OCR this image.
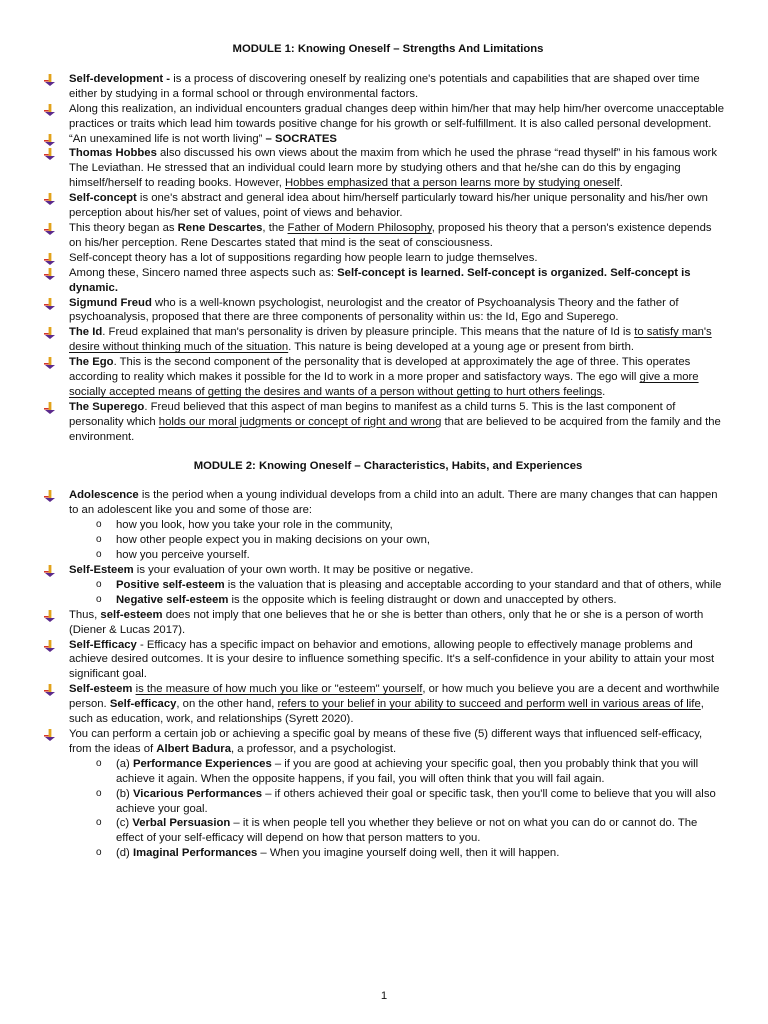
MODULE 1: Knowing Oneself – Strengths And Limitations
Self-development - is a process of discovering oneself by realizing one's potentials and capabilities that are shaped over time either by studying in a formal school or through environmental factors.
Along this realization, an individual encounters gradual changes deep within him/her that may help him/her overcome unacceptable practices or traits which lead him towards positive change for his growth or self-fulfillment. It is also called personal development.
“An unexamined life is not worth living” – SOCRATES
Thomas Hobbes also discussed his own views about the maxim from which he used the phrase “read thyself” in his famous work The Leviathan. He stressed that an individual could learn more by studying others and that he/she can do this by engaging himself/herself to reading books. However, Hobbes emphasized that a person learns more by studying oneself.
Self-concept is one's abstract and general idea about him/herself particularly toward his/her unique personality and his/her own perception about his/her set of values, point of views and behavior.
This theory began as Rene Descartes, the Father of Modern Philosophy, proposed his theory that a person's existence depends on his/her perception. Rene Descartes stated that mind is the seat of consciousness.
Self-concept theory has a lot of suppositions regarding how people learn to judge themselves.
Among these, Sincero named three aspects such as: Self-concept is learned. Self-concept is organized. Self-concept is dynamic.
Sigmund Freud who is a well-known psychologist, neurologist and the creator of Psychoanalysis Theory and the father of psychoanalysis, proposed that there are three components of personality within us: the Id, Ego and Superego.
The Id. Freud explained that man's personality is driven by pleasure principle. This means that the nature of Id is to satisfy man's desire without thinking much of the situation. This nature is being developed at a young age or present from birth.
The Ego. This is the second component of the personality that is developed at approximately the age of three. This operates according to reality which makes it possible for the Id to work in a more proper and satisfactory ways. The ego will give a more socially accepted means of getting the desires and wants of a person without getting to hurt others feelings.
The Superego. Freud believed that this aspect of man begins to manifest as a child turns 5. This is the last component of personality which holds our moral judgments or concept of right and wrong that are believed to be acquired from the family and the environment.
MODULE 2: Knowing Oneself – Characteristics, Habits, and Experiences
Adolescence is the period when a young individual develops from a child into an adult. There are many changes that can happen to an adolescent like you and some of those are:
o how you look, how you take your role in the community,
o how other people expect you in making decisions on your own,
o how you perceive yourself.
Self-Esteem is your evaluation of your own worth. It may be positive or negative.
o Positive self-esteem is the valuation that is pleasing and acceptable according to your standard and that of others, while
o Negative self-esteem is the opposite which is feeling distraught or down and unaccepted by others.
Thus, self-esteem does not imply that one believes that he or she is better than others, only that he or she is a person of worth (Diener & Lucas 2017).
Self-Efficacy - Efficacy has a specific impact on behavior and emotions, allowing people to effectively manage problems and achieve desired outcomes. It is your desire to influence something specific. It's a self-confidence in your ability to attain your most significant goal.
Self-esteem is the measure of how much you like or "esteem" yourself, or how much you believe you are a decent and worthwhile person. Self-efficacy, on the other hand, refers to your belief in your ability to succeed and perform well in various areas of life, such as education, work, and relationships (Syrett 2020).
You can perform a certain job or achieving a specific goal by means of these five (5) different ways that influenced self-efficacy, from the ideas of Albert Badura, a professor, and a psychologist.
o (a) Performance Experiences – if you are good at achieving your specific goal, then you probably think that you will achieve it again. When the opposite happens, if you fail, you will often think that you will fail again.
o (b) Vicarious Performances – if others achieved their goal or specific task, then you'll come to believe that you will also achieve your goal.
o (c) Verbal Persuasion – it is when people tell you whether they believe or not on what you can do or cannot do. The effect of your self-efficacy will depend on how that person matters to you.
o (d) Imaginal Performances – When you imagine yourself doing well, then it will happen.
1
